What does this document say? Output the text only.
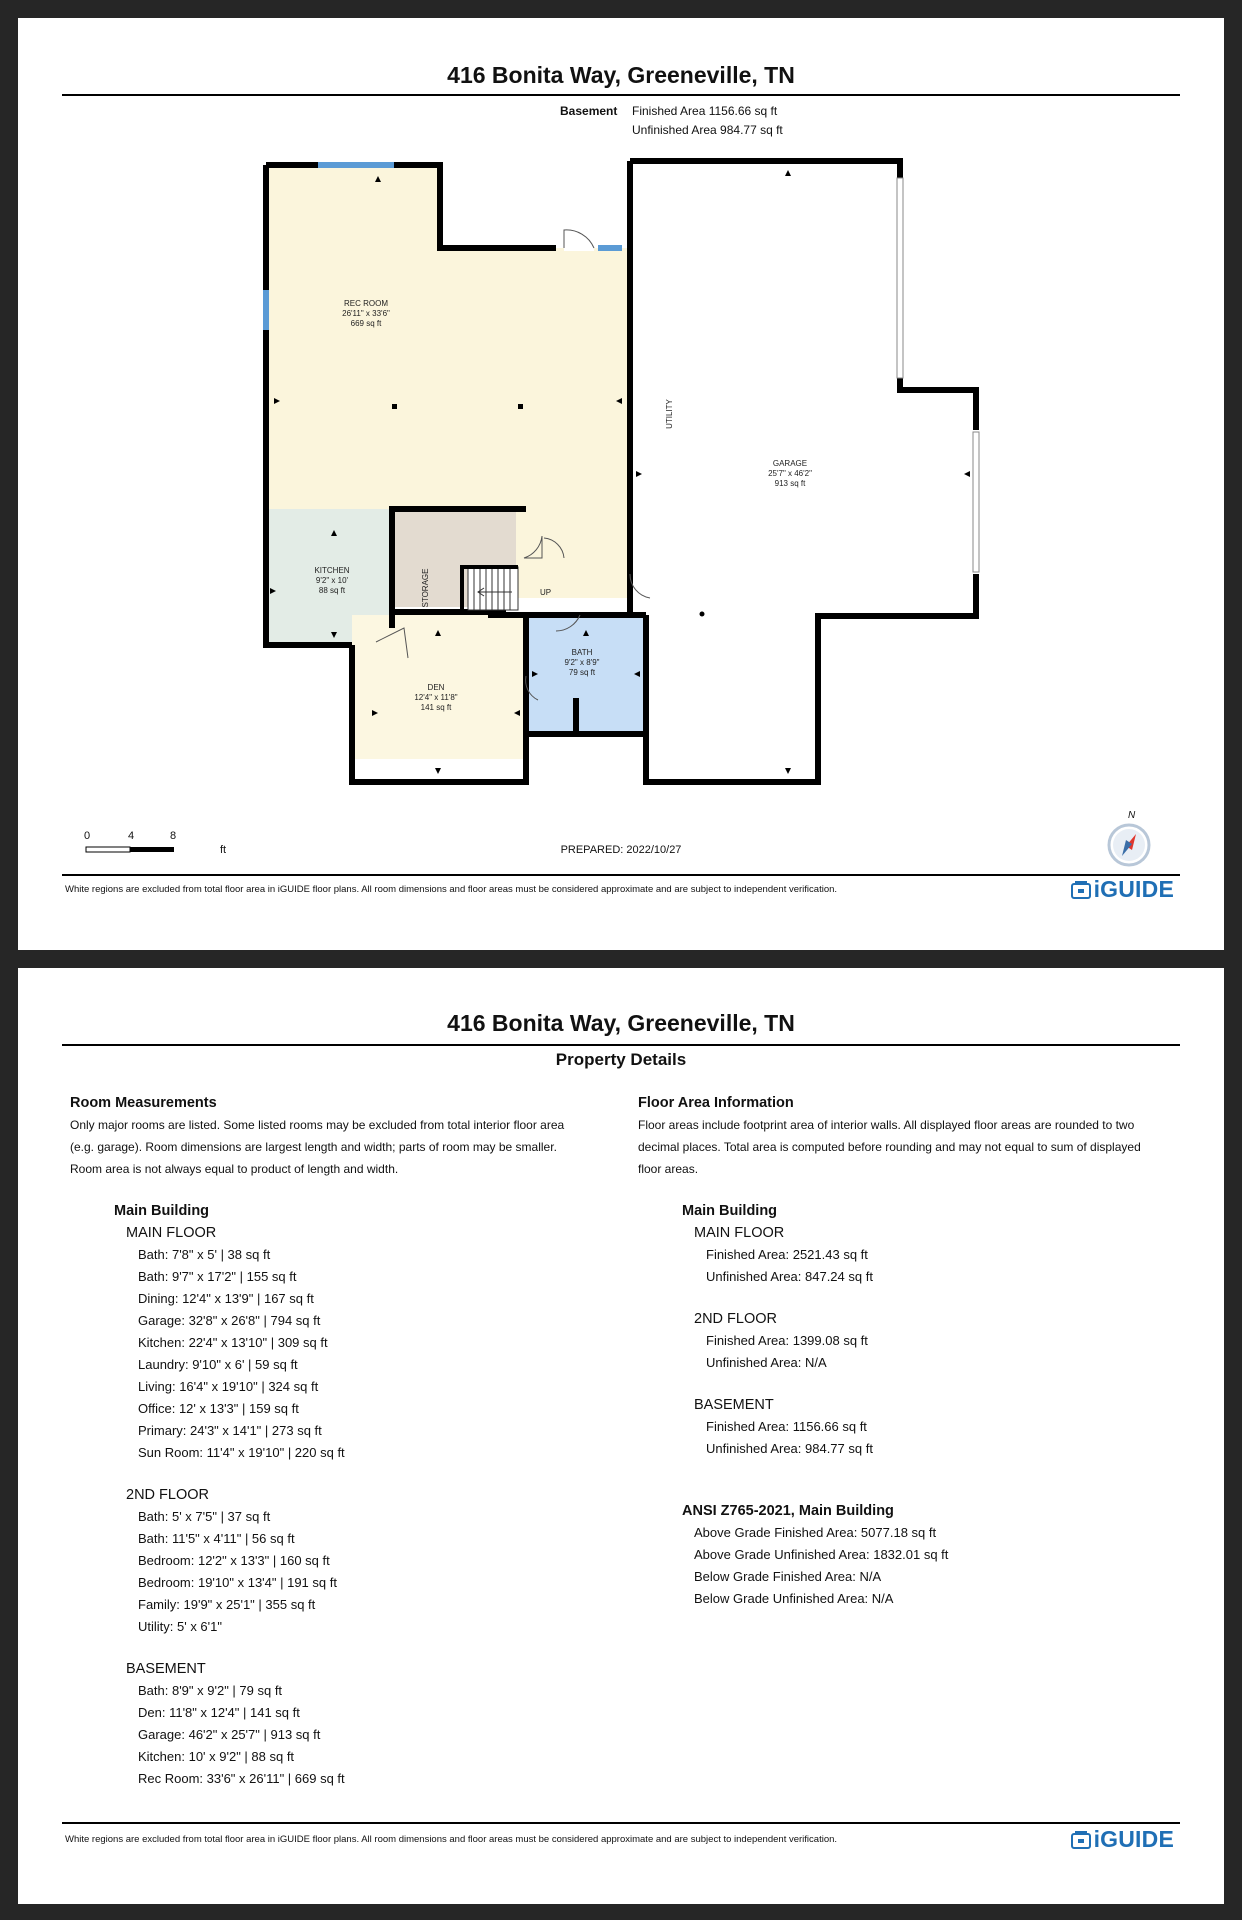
416 Bonita Way, Greeneville, TN
Basement Finished Area 1156.66 sq ft
Unfinished Area 984.77 sq ft
REC ROOM
26'11" x 33'6"
669 sq ft
KITCHEN
9'2" x 10'
88 sq ft
DEN
12'4" x 11'8"
141 sq ft
BATH
9'2" x 8'9"
79 sq ft
GARAGE
25'7" x 46'2"
913 sq ft
STORAGE
UTILITY
UP
0	4	8
ft	PREPARED: 2022/10/27
N
White regions are excluded from total floor area in iGUIDE floor plans. All room dimensions and floor areas must be considered approximate and are subject to independent verification.	iGUIDE
416 Bonita Way, Greeneville, TN
Property Details
Room Measurements

Only major rooms are listed. Some listed rooms may be excluded from total interior floor area

(e.g. garage). Room dimensions are largest length and width; parts of room may be smaller.

Room area is not always equal to product of length and width.

Main Building
MAIN FLOOR
Bath: 7'8" x 5' | 38 sq ft
Bath: 9'7" x 17'2" | 155 sq ft
Dining: 12'4" x 13'9" | 167 sq ft
Garage: 32'8" x 26'8" | 794 sq ft
Kitchen: 22'4" x 13'10" | 309 sq ft
Laundry: 9'10" x 6' | 59 sq ft
Living: 16'4" x 19'10" | 324 sq ft
Office: 12' x 13'3" | 159 sq ft
Primary: 24'3" x 14'1" | 273 sq ft
Sun Room: 11'4" x 19'10" | 220 sq ft
2ND FLOOR
Bath: 5' x 7'5" | 37 sq ft
Bath: 11'5" x 4'11" | 56 sq ft
Bedroom: 12'2" x 13'3" | 160 sq ft
Bedroom: 19'10" x 13'4" | 191 sq ft
Family: 19'9" x 25'1" | 355 sq ft
Utility: 5' x 6'1"
BASEMENT
Bath: 8'9" x 9'2" | 79 sq ft
Den: 11'8" x 12'4" | 141 sq ft
Garage: 46'2" x 25'7" | 913 sq ft
Kitchen: 10' x 9'2" | 88 sq ft
Rec Room: 33'6" x 26'11" | 669 sq ft
Floor Area Information

Floor areas include footprint area of interior walls. All displayed floor areas are rounded to two

decimal places. Total area is computed before rounding and may not equal to sum of displayed

floor areas.

Main Building
MAIN FLOOR
Finished Area: 2521.43 sq ft
Unfinished Area: 847.24 sq ft
2ND FLOOR
Finished Area: 1399.08 sq ft
Unfinished Area: N/A
BASEMENT
Finished Area: 1156.66 sq ft
Unfinished Area: 984.77 sq ft
ANSI Z765-2021, Main Building
Above Grade Finished Area: 5077.18 sq ft
Above Grade Unfinished Area: 1832.01 sq ft
Below Grade Finished Area: N/A
Below Grade Unfinished Area: N/A
White regions are excluded from total floor area in iGUIDE floor plans. All room dimensions and floor areas must be considered approximate and are subject to independent verification.	iGUIDE
